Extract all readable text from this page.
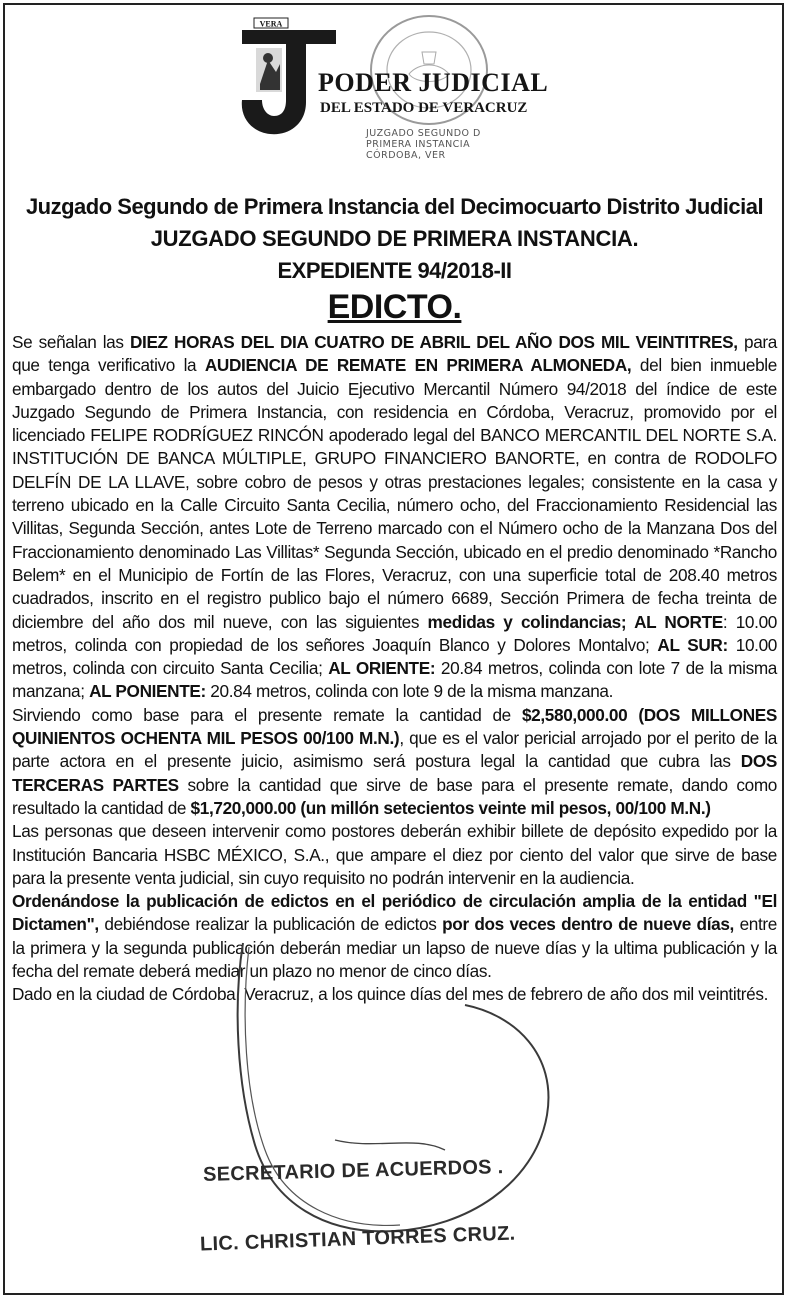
VERA
PODER JUDICIAL
DEL ESTADO DE VERACRUZ
JUZGADO SEGUNDO D
PRIMERA INSTANCIA
CÓRDOBA, VER
Juzgado Segundo de Primera Instancia del Decimocuarto Distrito Judicial
JUZGADO SEGUNDO DE PRIMERA INSTANCIA.
EXPEDIENTE 94/2018-II
EDICTO.

Se señalan las DIEZ HORAS DEL DIA CUATRO DE ABRIL DEL AÑO DOS MIL VEINTITRES, para que tenga verificativo la AUDIENCIA DE REMATE EN PRIMERA ALMONEDA, del bien inmueble embargado dentro de los autos del Juicio Ejecutivo Mercantil Número 94/2018 del índice de este Juzgado Segundo de Primera Instancia, con residencia en Córdoba, Veracruz, promovido por el licenciado FELIPE RODRÍGUEZ RINCÓN apoderado legal del BANCO MERCANTIL DEL NORTE S.A. INSTITUCIÓN DE BANCA MÚLTIPLE, GRUPO FINANCIERO BANORTE, en contra de RODOLFO DELFÍN DE LA LLAVE, sobre cobro de pesos y otras prestaciones legales; consistente en la casa y terreno ubicado en la Calle Circuito Santa Cecilia, número ocho, del Fraccionamiento Residencial las Villitas, Segunda Sección, antes Lote de Terreno marcado con el Número ocho de la Manzana Dos del Fraccionamiento denominado Las Villitas* Segunda Sección, ubicado en el predio denominado *Rancho Belem* en el Municipio de Fortín de las Flores, Veracruz, con una superficie total de 208.40 metros cuadrados, inscrito en el registro publico bajo el número 6689, Sección Primera de fecha treinta de diciembre del año dos mil nueve, con las siguientes medidas y colindancias; AL NORTE: 10.00 metros, colinda con propiedad de los señores Joaquín Blanco y Dolores Montalvo; AL SUR: 10.00 metros, colinda con circuito Santa Cecilia; AL ORIENTE: 20.84 metros, colinda con lote 7 de la misma manzana; AL PONIENTE: 20.84 metros, colinda con lote 9 de la misma manzana.

Sirviendo como base para el presente remate la cantidad de $2,580,000.00 (DOS MILLONES QUINIENTOS OCHENTA MIL PESOS 00/100 M.N.), que es el valor pericial arrojado por el perito de la parte actora en el presente juicio, asimismo será postura legal la cantidad que cubra las DOS TERCERAS PARTES sobre la cantidad que sirve de base para el presente remate, dando como resultado la cantidad de $1,720,000.00 (un millón setecientos veinte mil pesos, 00/100 M.N.)

Las personas que deseen intervenir como postores deberán exhibir billete de depósito expedido por la Institución Bancaria HSBC MÉXICO, S.A., que ampare el diez por ciento del valor que sirve de base para la presente venta judicial, sin cuyo requisito no podrán intervenir en la audiencia.

Ordenándose la publicación de edictos en el periódico de circulación amplia de la entidad "El Dictamen", debiéndose realizar la publicación de edictos por dos veces dentro de nueve días, entre la primera y la segunda publicación deberán mediar un lapso de nueve días y la ultima publicación y la fecha del remate deberá mediar un plazo no menor de cinco días.

Dado en la ciudad de Córdoba, Veracruz, a los quince días del mes de febrero de año dos mil veintitrés.

SECRETARIO DE ACUERDOS .
LIC. CHRISTIAN TORRES CRUZ.
